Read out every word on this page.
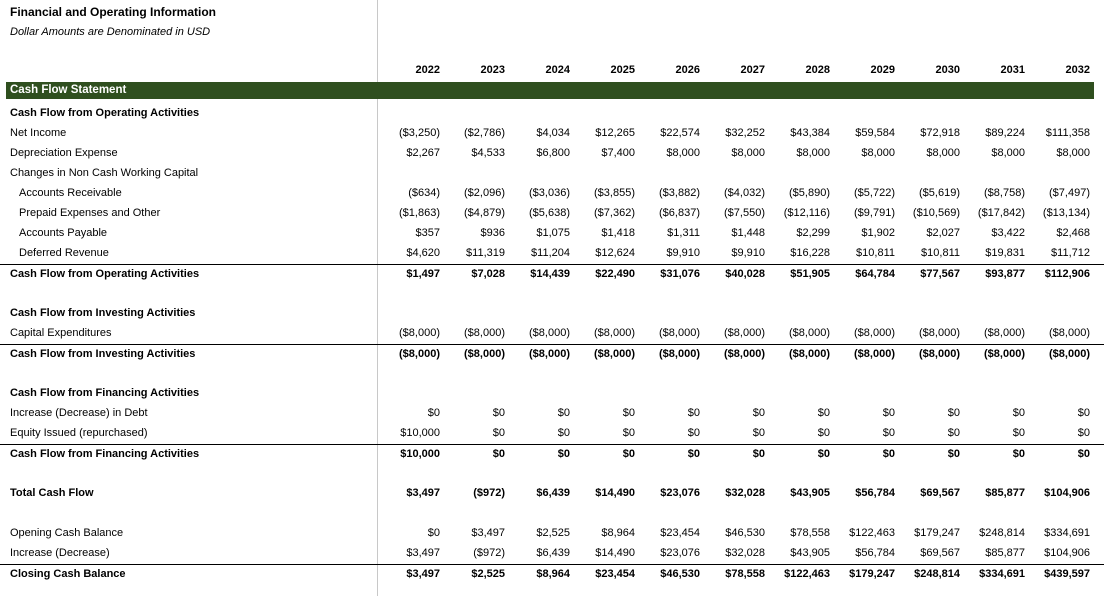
Financial and Operating Information
Dollar Amounts are Denominated in USD
2022	2023	2024	2025	2026	2027	2028	2029	2030	2031	2032
Cash Flow Statement
Cash Flow from Operating Activities
Net Income	($3,250)	($2,786)	$4,034	$12,265	$22,574	$32,252	$43,384	$59,584	$72,918	$89,224	$111,358
Depreciation Expense	$2,267	$4,533	$6,800	$7,400	$8,000	$8,000	$8,000	$8,000	$8,000	$8,000	$8,000
Changes in Non Cash Working Capital
Accounts Receivable	($634)	($2,096)	($3,036)	($3,855)	($3,882)	($4,032)	($5,890)	($5,722)	($5,619)	($8,758)	($7,497)
Prepaid Expenses and Other	($1,863)	($4,879)	($5,638)	($7,362)	($6,837)	($7,550)	($12,116)	($9,791)	($10,569)	($17,842)	($13,134)
Accounts Payable	$357	$936	$1,075	$1,418	$1,311	$1,448	$2,299	$1,902	$2,027	$3,422	$2,468
Deferred Revenue	$4,620	$11,319	$11,204	$12,624	$9,910	$9,910	$16,228	$10,811	$10,811	$19,831	$11,712
Cash Flow from Operating Activities	$1,497	$7,028	$14,439	$22,490	$31,076	$40,028	$51,905	$64,784	$77,567	$93,877	$112,906
Cash Flow from Investing Activities
Capital Expenditures	($8,000)	($8,000)	($8,000)	($8,000)	($8,000)	($8,000)	($8,000)	($8,000)	($8,000)	($8,000)	($8,000)
Cash Flow from Investing Activities	($8,000)	($8,000)	($8,000)	($8,000)	($8,000)	($8,000)	($8,000)	($8,000)	($8,000)	($8,000)	($8,000)
Cash Flow from Financing Activities
Increase (Decrease) in Debt	$0	$0	$0	$0	$0	$0	$0	$0	$0	$0	$0
Equity Issued (repurchased)	$10,000	$0	$0	$0	$0	$0	$0	$0	$0	$0	$0
Cash Flow from Financing Activities	$10,000	$0	$0	$0	$0	$0	$0	$0	$0	$0	$0
Total Cash Flow	$3,497	($972)	$6,439	$14,490	$23,076	$32,028	$43,905	$56,784	$69,567	$85,877	$104,906
Opening Cash Balance	$0	$3,497	$2,525	$8,964	$23,454	$46,530	$78,558	$122,463	$179,247	$248,814	$334,691
Increase (Decrease)	$3,497	($972)	$6,439	$14,490	$23,076	$32,028	$43,905	$56,784	$69,567	$85,877	$104,906
Closing Cash Balance	$3,497	$2,525	$8,964	$23,454	$46,530	$78,558	$122,463	$179,247	$248,814	$334,691	$439,597
